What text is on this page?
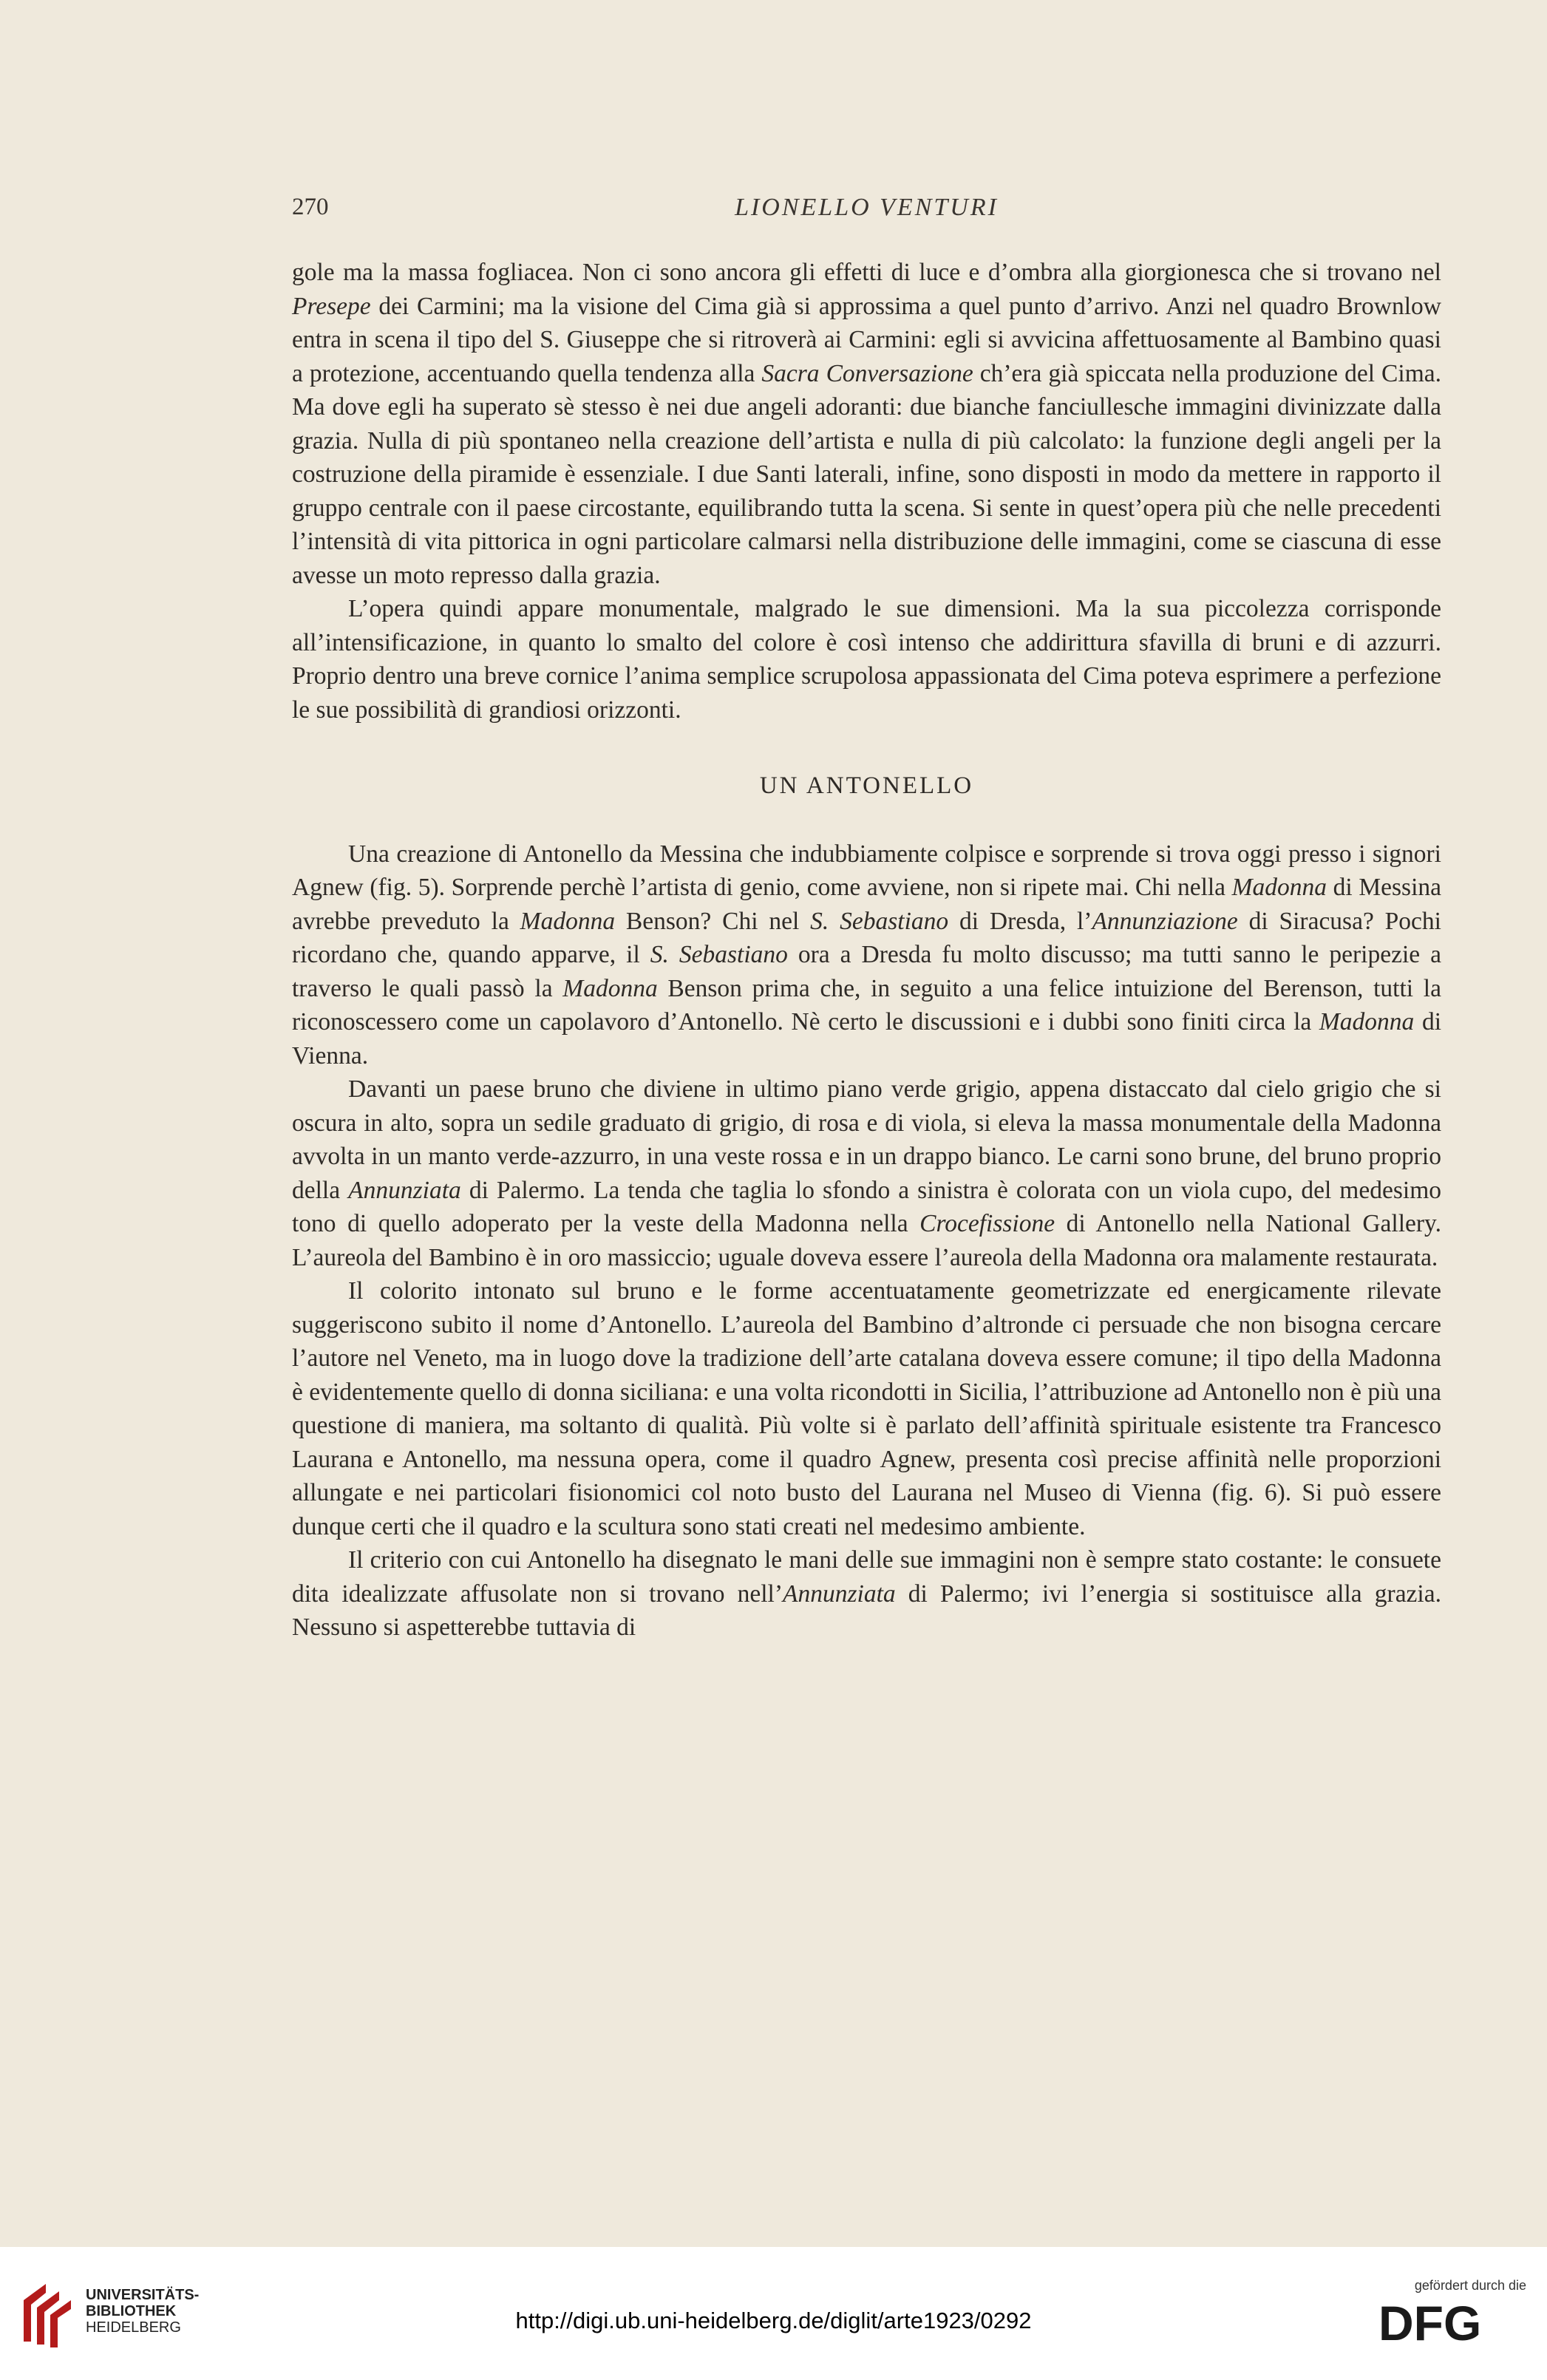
270	LIONELLO VENTURI

gole ma la massa fogliacea. Non ci sono ancora gli effetti di luce e d’ombra alla giorgionesca che si trovano nel Presepe dei Carmini; ma la visione del Cima già si approssima a quel punto d’arrivo. Anzi nel quadro Brownlow entra in scena il tipo del S. Giuseppe che si ritroverà ai Carmini: egli si avvicina affettuosamente al Bambino quasi a protezione, accentuando quella tendenza alla Sacra Conversazione ch’era già spiccata nella produzione del Cima. Ma dove egli ha superato sè stesso è nei due angeli adoranti: due bianche fanciullesche immagini divinizzate dalla grazia. Nulla di più spontaneo nella creazione dell’artista e nulla di più calcolato: la funzione degli angeli per la costruzione della piramide è essenziale. I due Santi laterali, infine, sono disposti in modo da mettere in rapporto il gruppo centrale con il paese circostante, equilibrando tutta la scena. Si sente in quest’opera più che nelle precedenti l’intensità di vita pittorica in ogni particolare calmarsi nella distribuzione delle immagini, come se ciascuna di esse avesse un moto represso dalla grazia.

L’opera quindi appare monumentale, malgrado le sue dimensioni. Ma la sua piccolezza corrisponde all’intensificazione, in quanto lo smalto del colore è così intenso che addirittura sfavilla di bruni e di azzurri. Proprio dentro una breve cornice l’anima semplice scrupolosa appassionata del Cima poteva esprimere a perfezione le sue possibilità di grandiosi orizzonti.

UN ANTONELLO

Una creazione di Antonello da Messina che indubbiamente colpisce e sorprende si trova oggi presso i signori Agnew (fig. 5). Sorprende perchè l’artista di genio, come avviene, non si ripete mai. Chi nella Madonna di Messina avrebbe preveduto la Madonna Benson? Chi nel S. Sebastiano di Dresda, l’Annunziazione di Siracusa? Pochi ricordano che, quando apparve, il S. Sebastiano ora a Dresda fu molto discusso; ma tutti sanno le peripezie a traverso le quali passò la Madonna Benson prima che, in seguito a una felice intuizione del Berenson, tutti la riconoscessero come un capolavoro d’Antonello. Nè certo le discussioni e i dubbi sono finiti circa la Madonna di Vienna.

Davanti un paese bruno che diviene in ultimo piano verde grigio, appena distaccato dal cielo grigio che si oscura in alto, sopra un sedile graduato di grigio, di rosa e di viola, si eleva la massa monumentale della Madonna avvolta in un manto verde-azzurro, in una veste rossa e in un drappo bianco. Le carni sono brune, del bruno proprio della Annunziata di Palermo. La tenda che taglia lo sfondo a sinistra è colorata con un viola cupo, del medesimo tono di quello adoperato per la veste della Madonna nella Crocefissione di Antonello nella National Gallery. L’aureola del Bambino è in oro massiccio; uguale doveva essere l’aureola della Madonna ora malamente restaurata.

Il colorito intonato sul bruno e le forme accentuatamente geometrizzate ed energicamente rilevate suggeriscono subito il nome d’Antonello. L’aureola del Bambino d’altronde ci persuade che non bisogna cercare l’autore nel Veneto, ma in luogo dove la tradizione dell’arte catalana doveva essere comune; il tipo della Madonna è evidentemente quello di donna siciliana: e una volta ricondotti in Sicilia, l’attribuzione ad Antonello non è più una questione di maniera, ma soltanto di qualità. Più volte si è parlato dell’affinità spirituale esistente tra Francesco Laurana e Antonello, ma nessuna opera, come il quadro Agnew, presenta così precise affinità nelle proporzioni allungate e nei particolari fisionomici col noto busto del Laurana nel Museo di Vienna (fig. 6). Si può essere dunque certi che il quadro e la scultura sono stati creati nel medesimo ambiente.

Il criterio con cui Antonello ha disegnato le mani delle sue immagini non è sempre stato costante: le consuete dita idealizzate affusolate non si trovano nell’Annunziata di Palermo; ivi l’energia si sostituisce alla grazia. Nessuno si aspetterebbe tuttavia di

UNIVERSITÄTS-
BIBLIOTHEK
HEIDELBERG	http://digi.ub.uni-heidelberg.de/diglit/arte1923/0292
gefördert durch die
DFG
